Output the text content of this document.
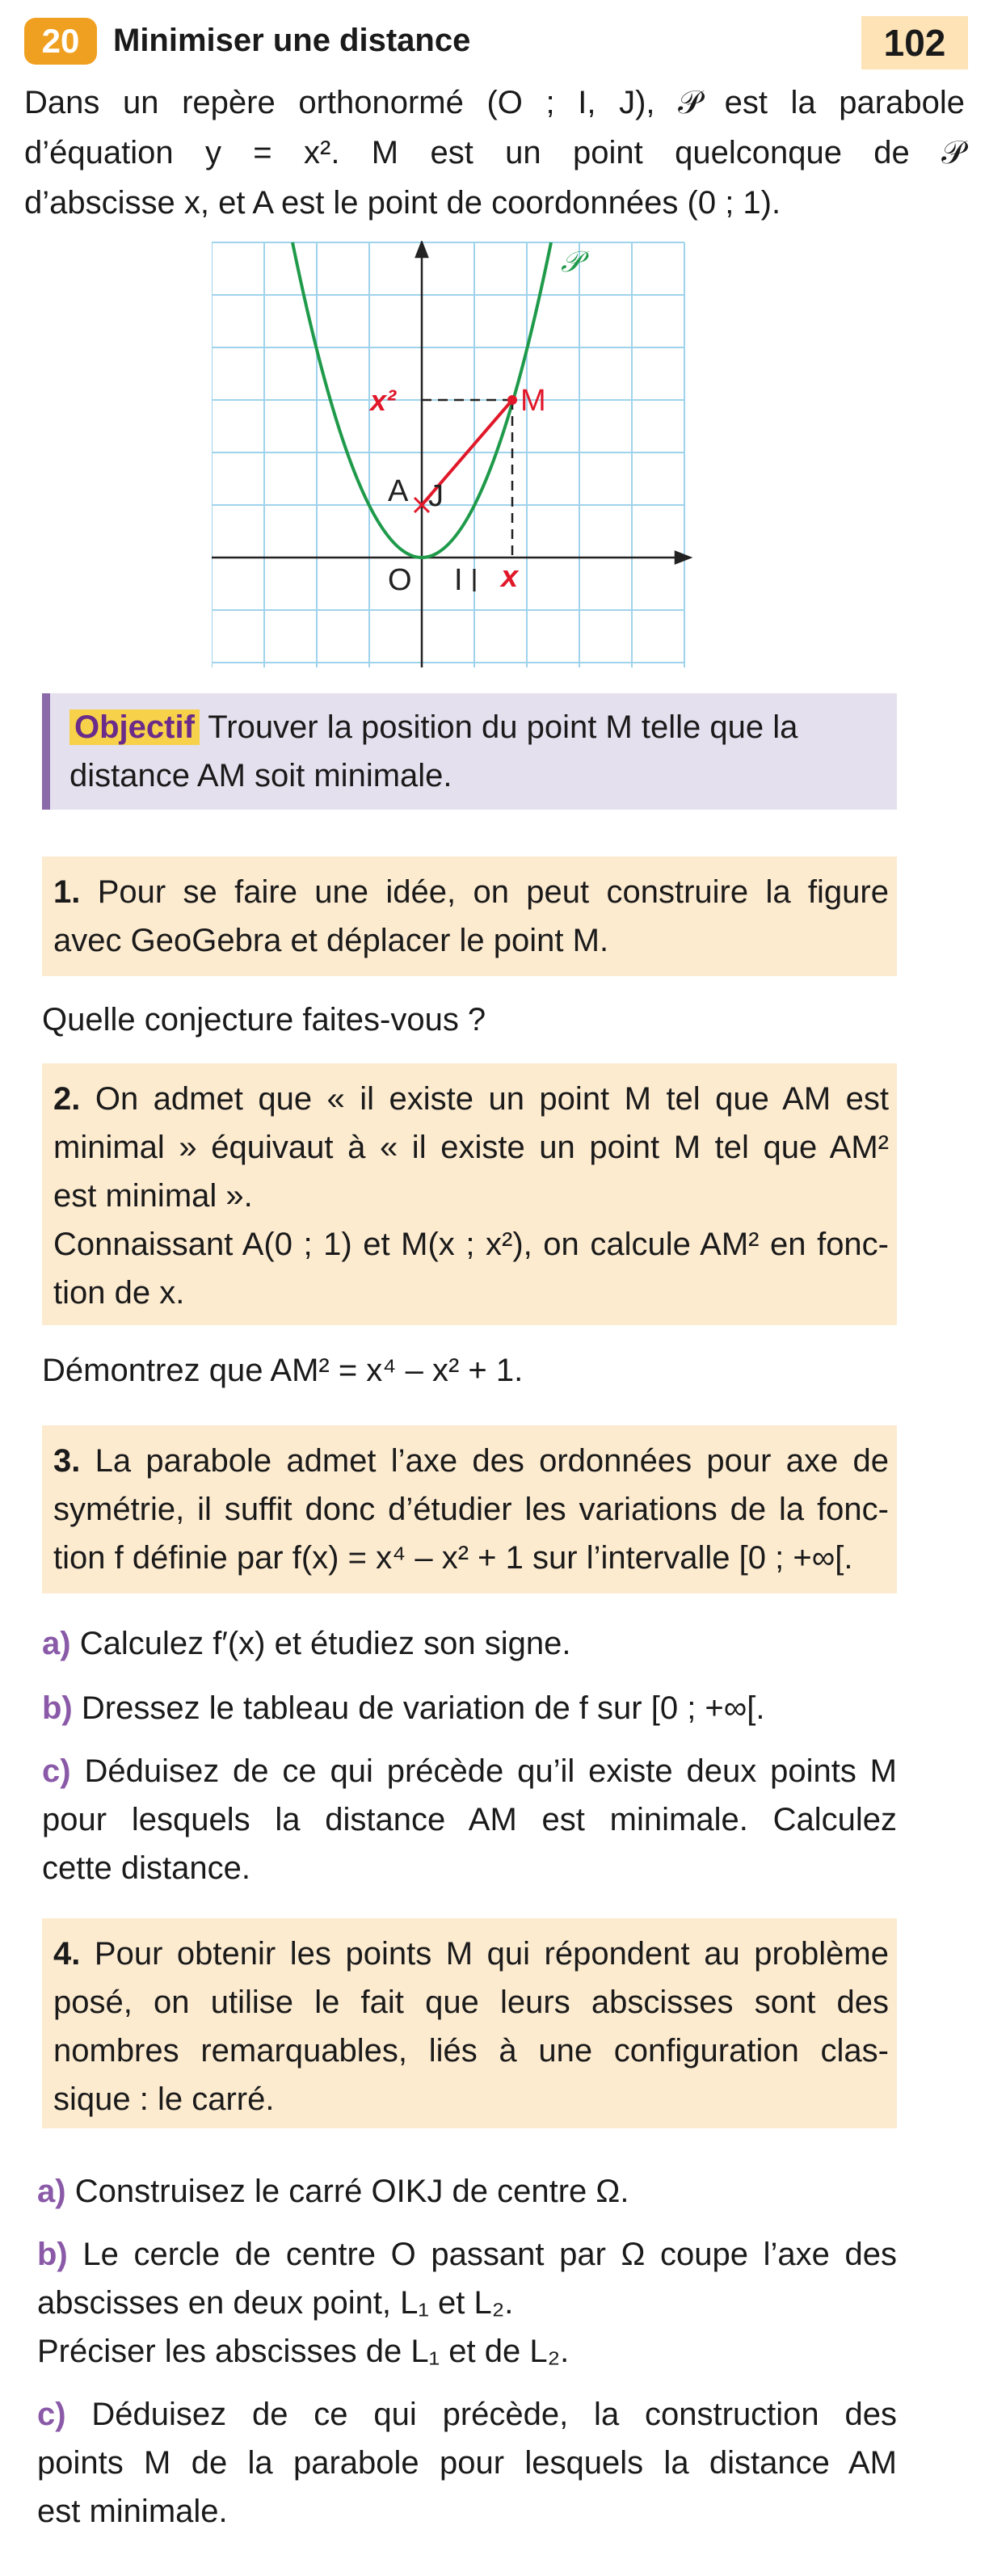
20 Minimiser une distance	102
Dans un repère orthonormé (O ; I, J), 𝒫 est la parabole
d’équation y = x². M est un point quelconque de 𝒫
d’abscisse x, et A est le point de coordonnées (0 ; 1).
𝒫
M
x²
A J
O I x
Objectif Trouver la position du point M telle que la
distance AM soit minimale.
1. Pour se faire une idée, on peut construire la figure
avec GeoGebra et déplacer le point M.
Quelle conjecture faites-vous ?
2. On admet que « il existe un point M tel que AM est
minimal » équivaut à « il existe un point M tel que AM²
est minimal ».
Connaissant A(0 ; 1) et M(x ; x²), on calcule AM² en fonc-
tion de x.
Démontrez que AM² = x⁴ – x² + 1.
3. La parabole admet l’axe des ordonnées pour axe de
symétrie, il suffit donc d’étudier les variations de la fonc-
tion f définie par f(x) = x⁴ – x² + 1 sur l’intervalle [0 ; +∞[.
a) Calculez f′(x) et étudiez son signe.
b) Dressez le tableau de variation de f sur [0 ; +∞[.
c) Déduisez de ce qui précède qu’il existe deux points M
pour lesquels la distance AM est minimale. Calculez
cette distance.
4. Pour obtenir les points M qui répondent au problème
posé, on utilise le fait que leurs abscisses sont des
nombres remarquables, liés à une configuration clas-
sique : le carré.
a) Construisez le carré OIKJ de centre Ω.
b) Le cercle de centre O passant par Ω coupe l’axe des
abscisses en deux point, L₁ et L₂.
Préciser les abscisses de L₁ et de L₂.
c) Déduisez de ce qui précède, la construction des
points M de la parabole pour lesquels la distance AM
est minimale.
